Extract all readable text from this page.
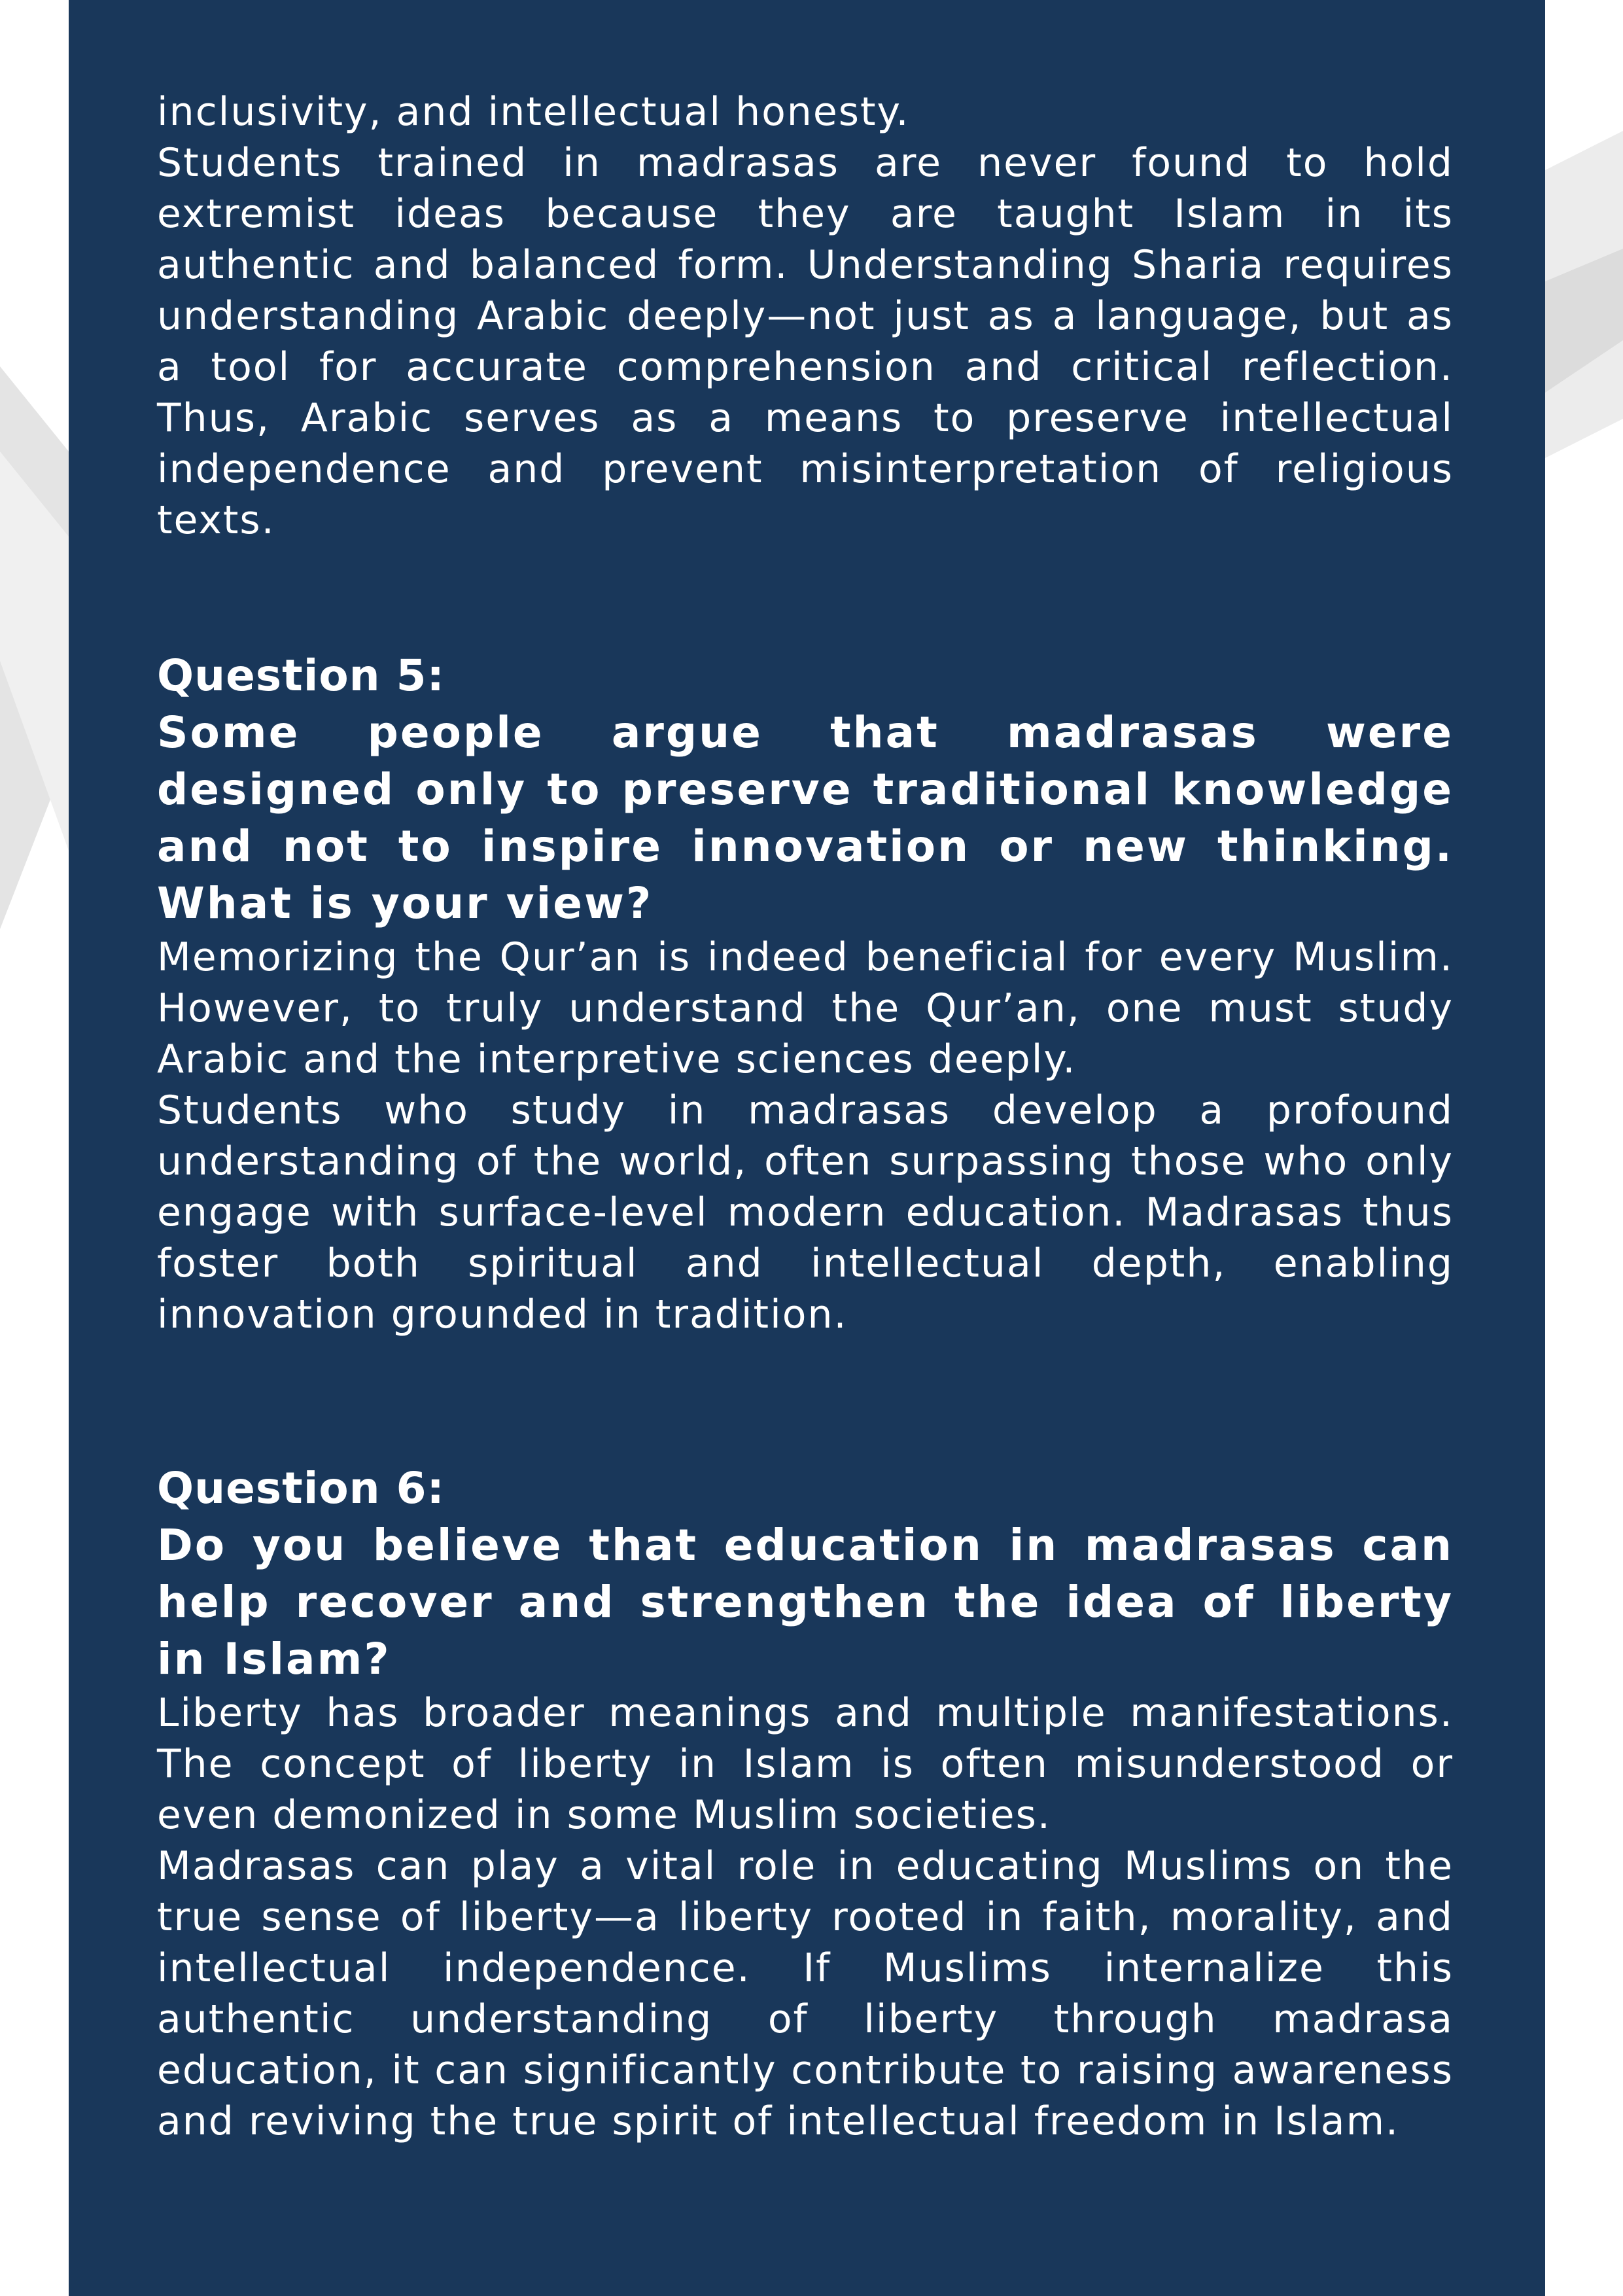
inclusivity, and intellectual honesty.

Students trained in madrasas are never found to hold extremist ideas because they are taught Islam in its authentic and balanced form. Understanding Sharia requires understanding Arabic deeply—not just as a language, but as a tool for accurate comprehension and critical reflection. Thus, Arabic serves as a means to preserve intellectual independence and prevent misinterpretation of religious texts.

Question 5:

Some people argue that madrasas were designed only to preserve traditional knowledge and not to inspire innovation or new thinking. What is your view?

Memorizing the Qur’an is indeed beneficial for every Muslim. However, to truly understand the Qur’an, one must study Arabic and the interpretive sciences deeply.

Students who study in madrasas develop a profound understanding of the world, often surpassing those who only engage with surface-level modern education. Madrasas thus foster both spiritual and intellectual depth, enabling innovation grounded in tradition.

Question 6:

Do you believe that education in madrasas can help recover and strengthen the idea of liberty in Islam?

Liberty has broader meanings and multiple manifestations. The concept of liberty in Islam is often misunderstood or even demonized in some Muslim societies.

Madrasas can play a vital role in educating Muslims on the true sense of liberty—a liberty rooted in faith, morality, and intellectual independence. If Muslims internalize this authentic understanding of liberty through madrasa education, it can significantly contribute to raising awareness and reviving the true spirit of intellectual freedom in Islam.
